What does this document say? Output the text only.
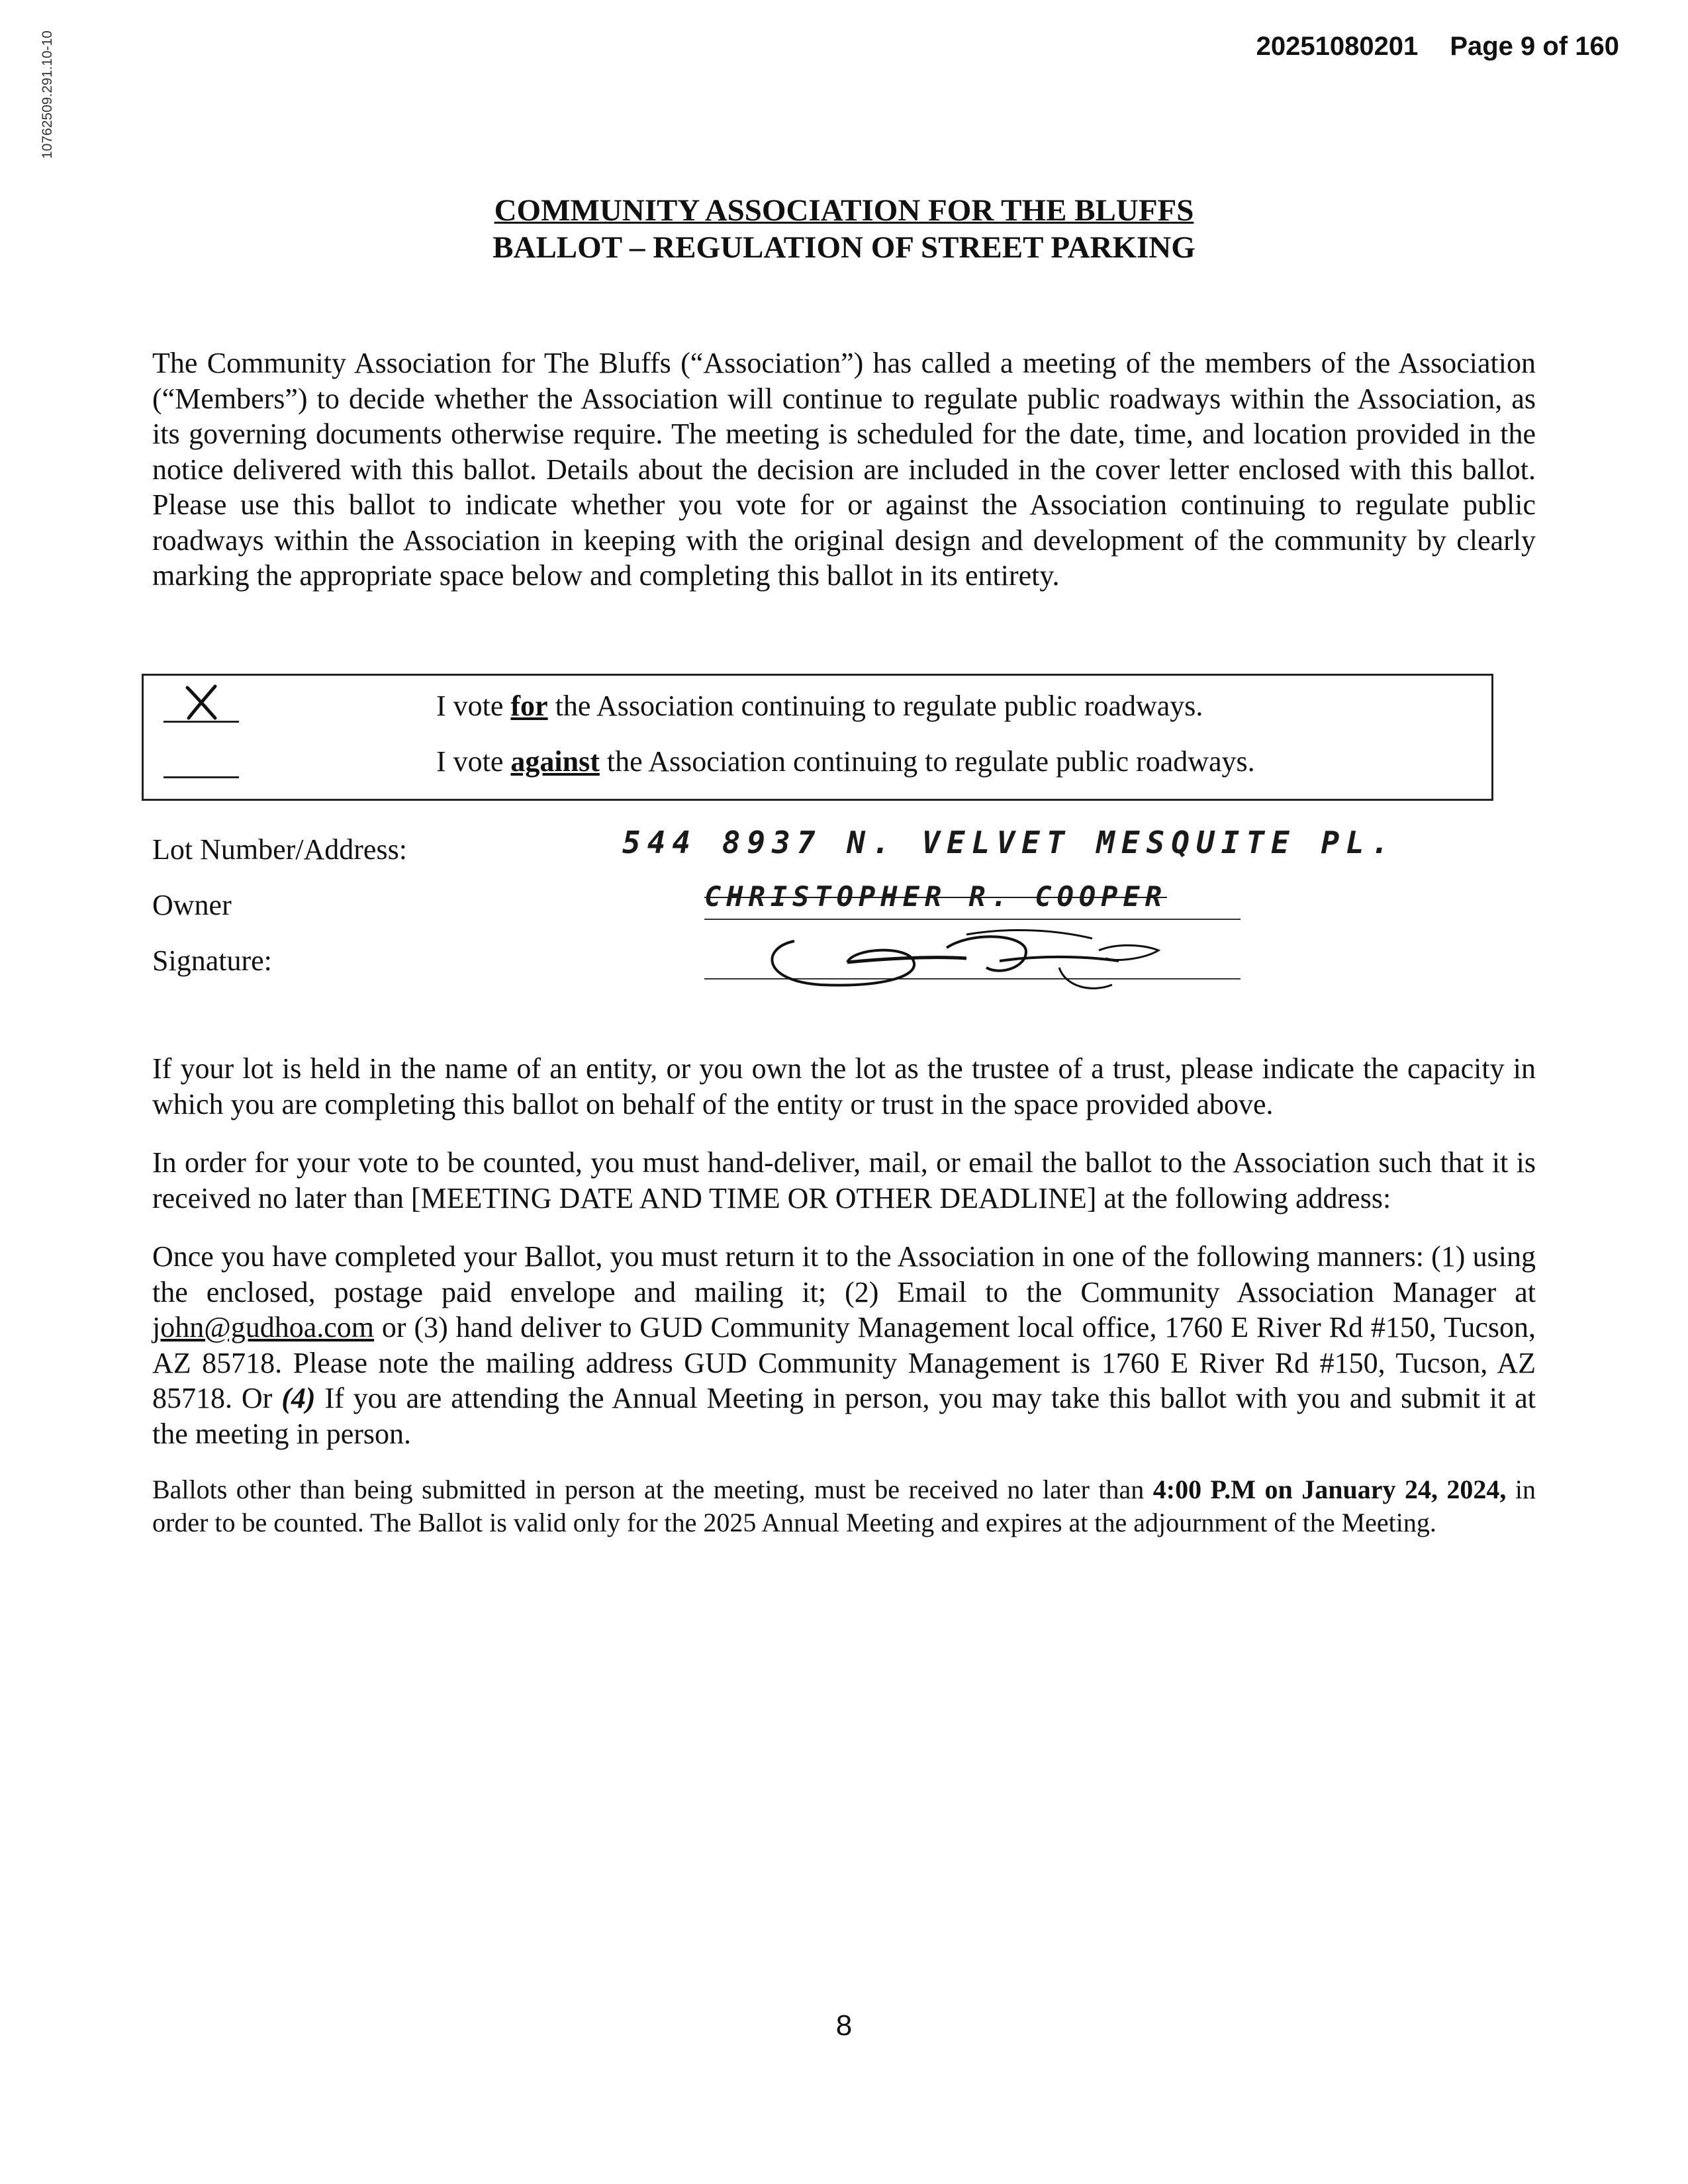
20251080201 Page 9 of 160
10762509.291.10-10
COMMUNITY ASSOCIATION FOR THE BLUFFS
BALLOT – REGULATION OF STREET PARKING
The Community Association for The Bluffs (“Association”) has called a meeting of the members of the Association (“Members”) to decide whether the Association will continue to regulate public roadways within the Association, as its governing documents otherwise require. The meeting is scheduled for the date, time, and location provided in the notice delivered with this ballot. Details about the decision are included in the cover letter enclosed with this ballot. Please use this ballot to indicate whether you vote for or against the Association continuing to regulate public roadways within the Association in keeping with the original design and development of the community by clearly marking the appropriate space below and completing this ballot in its entirety.
I vote for the Association continuing to regulate public roadways.
I vote against the Association continuing to regulate public roadways.
Lot Number/Address:	544 8937 N. VELVET MESQUITE PL.
Owner	CHRISTOPHER R. COOPER
Signature:
If your lot is held in the name of an entity, or you own the lot as the trustee of a trust, please indicate the capacity in which you are completing this ballot on behalf of the entity or trust in the space provided above.
In order for your vote to be counted, you must hand-deliver, mail, or email the ballot to the Association such that it is received no later than [MEETING DATE AND TIME OR OTHER DEADLINE] at the following address:
Once you have completed your Ballot, you must return it to the Association in one of the following manners: (1) using the enclosed, postage paid envelope and mailing it; (2) Email to the Community Association Manager at john@gudhoa.com or (3) hand deliver to GUD Community Management local office, 1760 E River Rd #150, Tucson, AZ 85718. Please note the mailing address GUD Community Management is 1760 E River Rd #150, Tucson, AZ 85718. Or (4) If you are attending the Annual Meeting in person, you may take this ballot with you and submit it at the meeting in person.
Ballots other than being submitted in person at the meeting, must be received no later than 4:00 P.M on January 24, 2024, in order to be counted. The Ballot is valid only for the 2025 Annual Meeting and expires at the adjournment of the Meeting.
8
